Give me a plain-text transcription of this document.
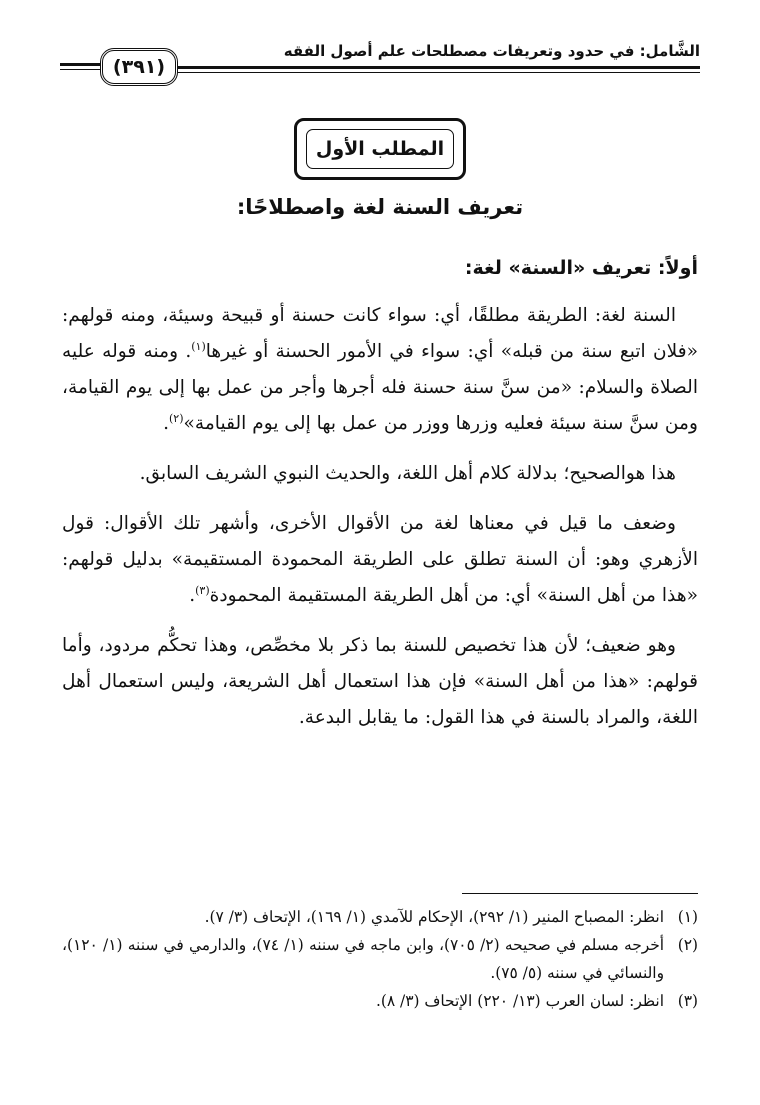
الشَّامل: في حدود وتعريفات مصطلحات علم أصول الفقه
(٣٩١)
المطلب الأول
تعريف السنة لغة واصطلاحًا:
أولاً: تعريف «السنة» لغة:

السنة لغة: الطريقة مطلقًا، أي: سواء كانت حسنة أو قبيحة وسيئة، ومنه قولهم: «فلان اتبع سنة من قبله» أي: سواء في الأمور الحسنة أو غيرها$^{(١)}$. ومنه قوله عليه الصلاة والسلام: «من سنَّ سنة حسنة فله أجرها وأجر من عمل بها إلى يوم القيامة، ومن سنَّ سنة سيئة فعليه وزرها ووزر من عمل بها إلى يوم القيامة»$^{(٢)}$.

هذا هوالصحيح؛ بدلالة كلام أهل اللغة، والحديث النبوي الشريف السابق.

وضعف ما قيل في معناها لغة من الأقوال الأخرى، وأشهر تلك الأقوال: قول الأزهري وهو: أن السنة تطلق على الطريقة المحمودة المستقيمة» بدليل قولهم: «هذا من أهل السنة» أي: من أهل الطريقة المستقيمة المحمودة$^{(٣)}$.

وهو ضعيف؛ لأن هذا تخصيص للسنة بما ذكر بلا مخصِّص، وهذا تحكُّم مردود، وأما قولهم: «هذا من أهل السنة» فإن هذا استعمال أهل الشريعة، وليس استعمال أهل اللغة، والمراد بالسنة في هذا القول: ما يقابل البدعة.

(١)
انظر: المصباح المنير (١/ ٢٩٢)، الإحكام للآمدي (١/ ١٦٩)، الإتحاف (٣/ ٧).
(٢)
أخرجه مسلم في صحيحه (٢/ ٧٠٥)، وابن ماجه في سننه (١/ ٧٤)، والدارمي في سننه (١/ ١٢٠)، والنسائي في سننه (٥/ ٧٥).
(٣)
انظر: لسان العرب (١٣/ ٢٢٠) الإتحاف (٣/ ٨).
